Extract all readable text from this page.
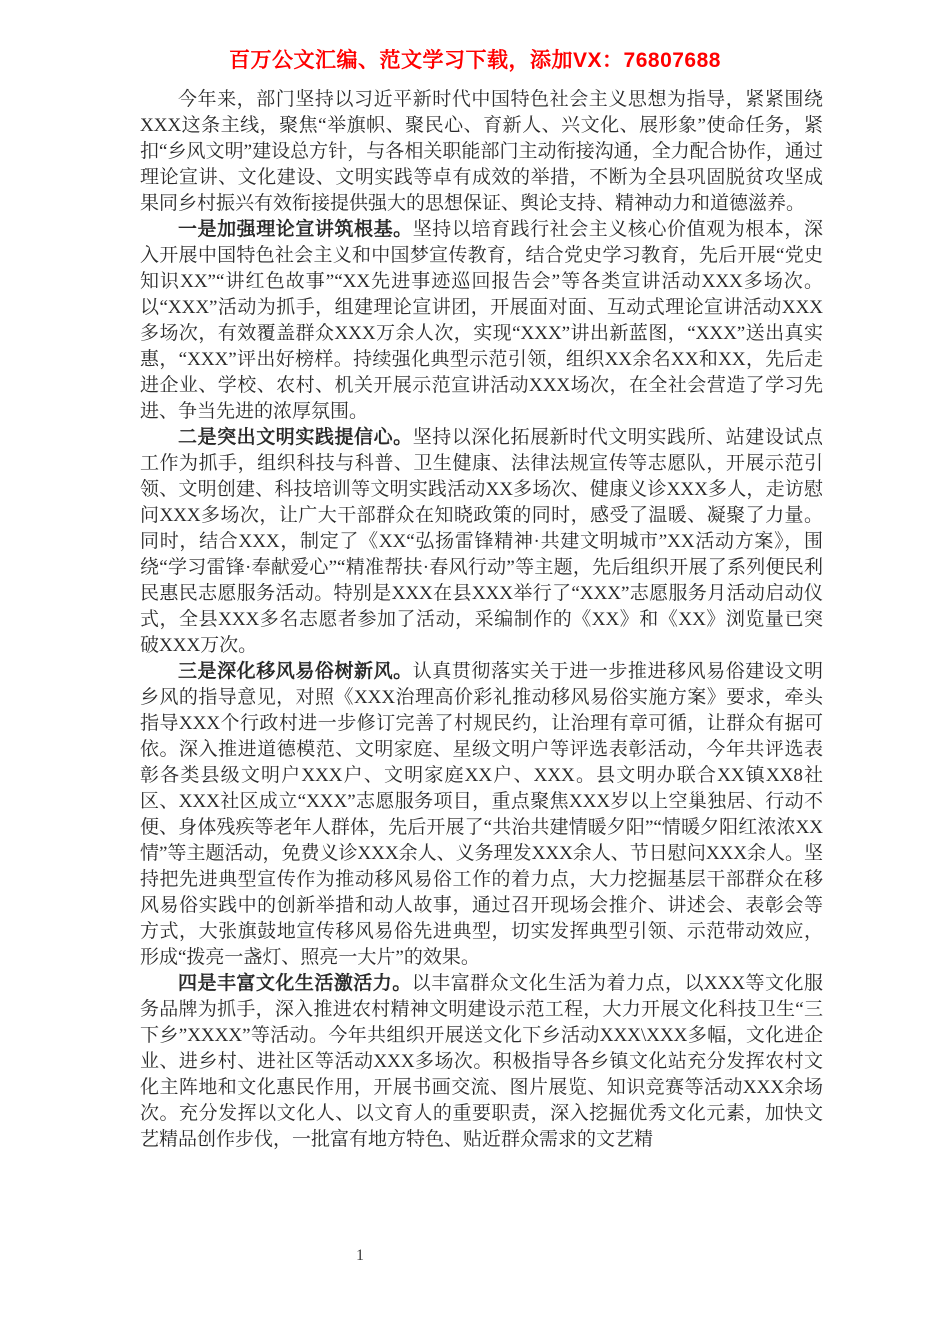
百万公文汇编、范文学习下载，添加VX：76807688

今年来，部门坚持以习近平新时代中国特色社会主义思想为指导，紧紧围绕XXX这条主线，聚焦“举旗帜、聚民心、育新人、兴文化、展形象”使命任务，紧扣“乡风文明”建设总方针，与各相关职能部门主动衔接沟通，全力配合协作，通过理论宣讲、文化建设、文明实践等卓有成效的举措，不断为全县巩固脱贫攻坚成果同乡村振兴有效衔接提供强大的思想保证、舆论支持、精神动力和道德滋养。

一是加强理论宣讲筑根基。坚持以培育践行社会主义核心价值观为根本，深入开展中国特色社会主义和中国梦宣传教育，结合党史学习教育，先后开展“党史知识XX”“讲红色故事”“XX先进事迹巡回报告会”等各类宣讲活动XXX多场次。以“XXX”活动为抓手，组建理论宣讲团，开展面对面、互动式理论宣讲活动XXX多场次，有效覆盖群众XXX万余人次，实现“XXX”讲出新蓝图，“XXX”送出真实惠，“XXX”评出好榜样。持续强化典型示范引领，组织XX余名XX和XX，先后走进企业、学校、农村、机关开展示范宣讲活动XXX场次，在全社会营造了学习先进、争当先进的浓厚氛围。

二是突出文明实践提信心。坚持以深化拓展新时代文明实践所、站建设试点工作为抓手，组织科技与科普、卫生健康、法律法规宣传等志愿队，开展示范引领、文明创建、科技培训等文明实践活动XX多场次、健康义诊XXX多人，走访慰问XXX多场次，让广大干部群众在知晓政策的同时，感受了温暖、凝聚了力量。同时，结合XXX，制定了《XX“弘扬雷锋精神·共建文明城市”XX活动方案》，围绕“学习雷锋·奉献爱心”“精准帮扶·春风行动”等主题，先后组织开展了系列便民利民惠民志愿服务活动。特别是XXX在县XXX举行了“XXX”志愿服务月活动启动仪式，全县XXX多名志愿者参加了活动，采编制作的《XX》和《XX》浏览量已突破XXX万次。

三是深化移风易俗树新风。认真贯彻落实关于进一步推进移风易俗建设文明乡风的指导意见，对照《XXX治理高价彩礼推动移风易俗实施方案》要求，牵头指导XXX个行政村进一步修订完善了村规民约，让治理有章可循，让群众有据可依。深入推进道德模范、文明家庭、星级文明户等评选表彰活动，今年共评选表彰各类县级文明户XXX户、文明家庭XX户、XXX。县文明办联合XX镇XX8社区、XXX社区成立“XXX”志愿服务项目，重点聚焦XXX岁以上空巢独居、行动不便、身体残疾等老年人群体，先后开展了“共治共建情暖夕阳”“情暖夕阳红浓浓XX情”等主题活动，免费义诊XXX余人、义务理发XXX余人、节日慰问XXX余人。坚持把先进典型宣传作为推动移风易俗工作的着力点，大力挖掘基层干部群众在移风易俗实践中的创新举措和动人故事，通过召开现场会推介、讲述会、表彰会等方式，大张旗鼓地宣传移风易俗先进典型，切实发挥典型引领、示范带动效应，形成“拨亮一盏灯、照亮一大片”的效果。

四是丰富文化生活激活力。以丰富群众文化生活为着力点，以XXX等文化服务品牌为抓手，深入推进农村精神文明建设示范工程，大力开展文化科技卫生“三下乡”XXXX”等活动。今年共组织开展送文化下乡活动XXX\XXX多幅，文化进企业、进乡村、进社区等活动XXX多场次。积极指导各乡镇文化站充分发挥农村文化主阵地和文化惠民作用，开展书画交流、图片展览、知识竞赛等活动XXX余场次。充分发挥以文化人、以文育人的重要职责，深入挖掘优秀文化元素，加快文艺精品创作步伐，一批富有地方特色、贴近群众需求的文艺精

1
